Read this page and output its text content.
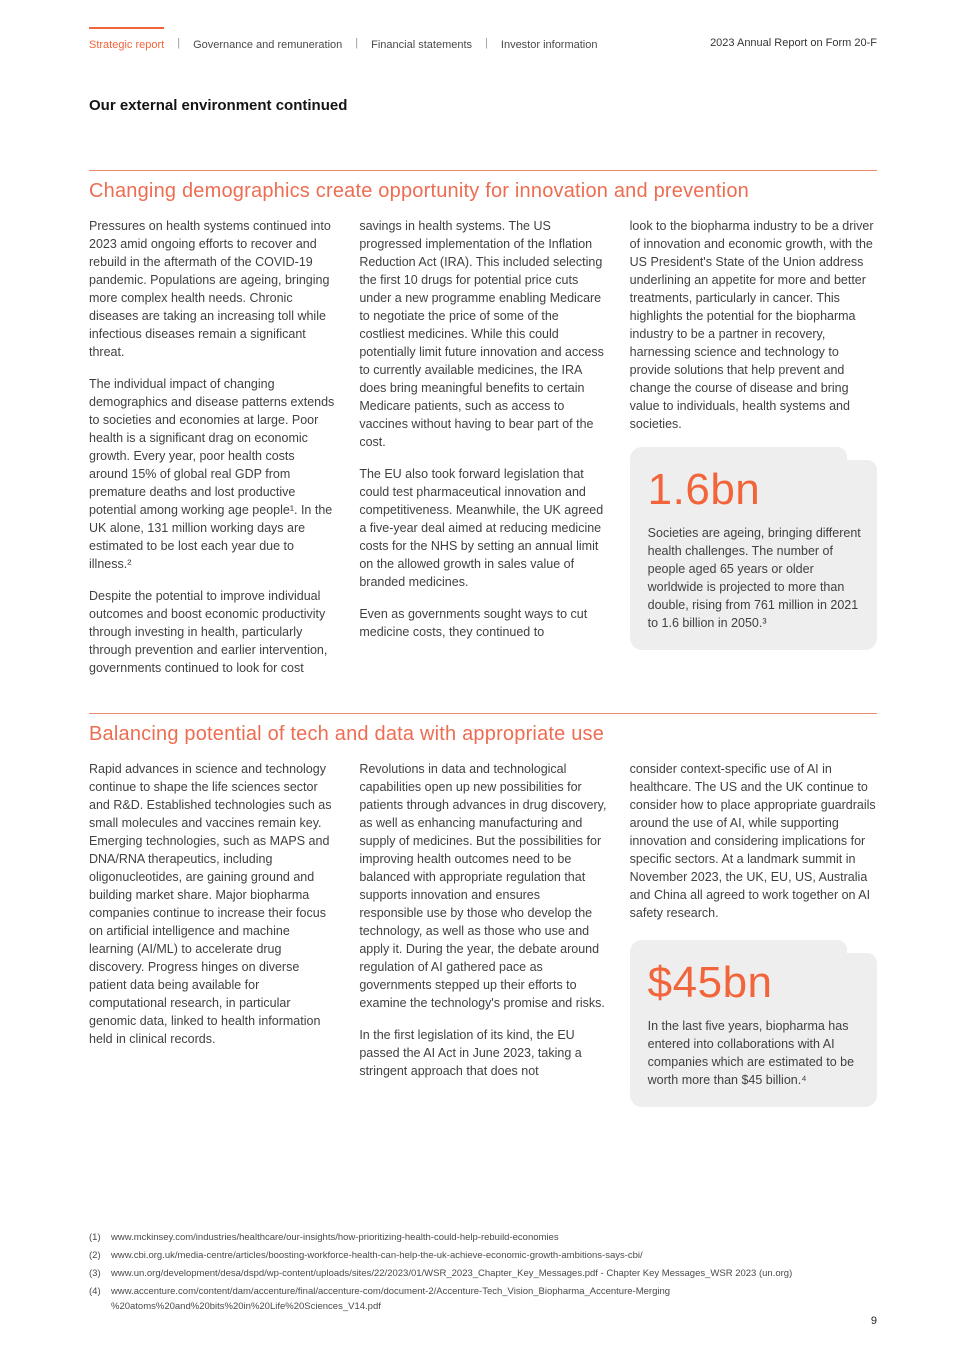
Strategic report | Governance and remuneration | Financial statements | Investor information	2023 Annual Report on Form 20-F
Our external environment continued
Changing demographics create opportunity for innovation and prevention

Pressures on health systems continued into 2023 amid ongoing efforts to recover and rebuild in the aftermath of the COVID-19 pandemic. Populations are ageing, bringing more complex health needs. Chronic diseases are taking an increasing toll while infectious diseases remain a significant threat.

The individual impact of changing demographics and disease patterns extends to societies and economies at large. Poor health is a significant drag on economic growth. Every year, poor health costs around 15% of global real GDP from premature deaths and lost productive potential among working age people¹. In the UK alone, 131 million working days are estimated to be lost each year due to illness.²

Despite the potential to improve individual outcomes and boost economic productivity through investing in health, particularly through prevention and earlier intervention, governments continued to look for cost

savings in health systems. The US progressed implementation of the Inflation Reduction Act (IRA). This included selecting the first 10 drugs for potential price cuts under a new programme enabling Medicare to negotiate the price of some of the costliest medicines. While this could potentially limit future innovation and access to currently available medicines, the IRA does bring meaningful benefits to certain Medicare patients, such as access to vaccines without having to bear part of the cost.

The EU also took forward legislation that could test pharmaceutical innovation and competitiveness. Meanwhile, the UK agreed a five-year deal aimed at reducing medicine costs for the NHS by setting an annual limit on the allowed growth in sales value of branded medicines.

Even as governments sought ways to cut medicine costs, they continued to

look to the biopharma industry to be a driver of innovation and economic growth, with the US President's State of the Union address underlining an appetite for more and better treatments, particularly in cancer. This highlights the potential for the biopharma industry to be a partner in recovery, harnessing science and technology to provide solutions that help prevent and change the course of disease and bring value to individuals, health systems and societies.

1.6bn

Societies are ageing, bringing different health challenges. The number of people aged 65 years or older worldwide is projected to more than double, rising from 761 million in 2021 to 1.6 billion in 2050.³

Balancing potential of tech and data with appropriate use

Rapid advances in science and technology continue to shape the life sciences sector and R&D. Established technologies such as small molecules and vaccines remain key. Emerging technologies, such as MAPS and DNA/RNA therapeutics, including oligonucleotides, are gaining ground and building market share. Major biopharma companies continue to increase their focus on artificial intelligence and machine learning (AI/ML) to accelerate drug discovery. Progress hinges on diverse patient data being available for computational research, in particular genomic data, linked to health information held in clinical records.

Revolutions in data and technological capabilities open up new possibilities for patients through advances in drug discovery, as well as enhancing manufacturing and supply of medicines. But the possibilities for improving health outcomes need to be balanced with appropriate regulation that supports innovation and ensures responsible use by those who develop the technology, as well as those who use and apply it. During the year, the debate around regulation of AI gathered pace as governments stepped up their efforts to examine the technology's promise and risks.

In the first legislation of its kind, the EU passed the AI Act in June 2023, taking a stringent approach that does not

consider context-specific use of AI in healthcare. The US and the UK continue to consider how to place appropriate guardrails around the use of AI, while supporting innovation and considering implications for specific sectors. At a landmark summit in November 2023, the UK, EU, US, Australia and China all agreed to work together on AI safety research.

$45bn

In the last five years, biopharma has entered into collaborations with AI companies which are estimated to be worth more than $45 billion.⁴

(1)	www.mckinsey.com/industries/healthcare/our-insights/how-prioritizing-health-could-help-rebuild-economies
(2)	www.cbi.org.uk/media-centre/articles/boosting-workforce-health-can-help-the-uk-achieve-economic-growth-ambitions-says-cbi/
(3)	www.un.org/development/desa/dspd/wp-content/uploads/sites/22/2023/01/WSR_2023_Chapter_Key_Messages.pdf - Chapter Key Messages_WSR 2023 (un.org)
(4)	www.accenture.com/content/dam/accenture/final/accenture-com/document-2/Accenture-Tech_Vision_Biopharma_Accenture-Merging %20atoms%20and%20bits%20in%20Life%20Sciences_V14.pdf
9
